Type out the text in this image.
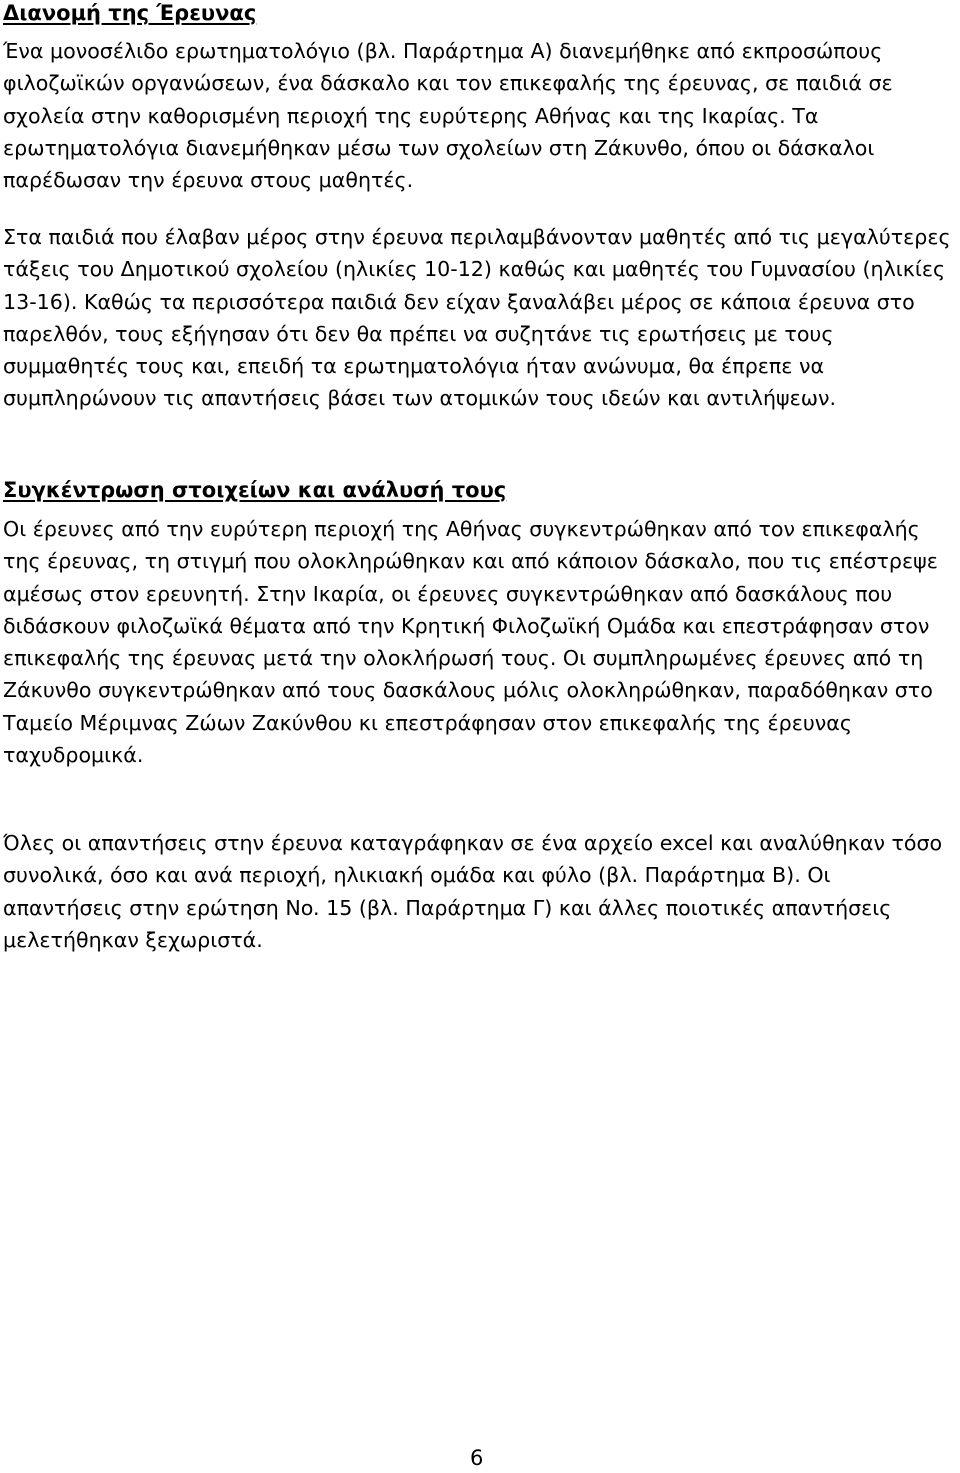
Διανομή της Έρευνας

Ένα μονοσέλιδο ερωτηματολόγιο (βλ. Παράρτημα Α) διανεμήθηκε από εκπροσώπους φιλοζωϊκών οργανώσεων, ένα δάσκαλο και τον επικεφαλής της έρευνας, σε παιδιά σε σχολεία στην καθορισμένη περιοχή της ευρύτερης Αθήνας και της Ικαρίας. Τα ερωτηματολόγια διανεμήθηκαν μέσω των σχολείων στη Ζάκυνθο, όπου οι δάσκαλοι παρέδωσαν την έρευνα στους μαθητές.

Στα παιδιά που έλαβαν μέρος στην έρευνα περιλαμβάνονταν μαθητές από τις μεγαλύτερες τάξεις του Δημοτικού σχολείου (ηλικίες 10-12) καθώς και μαθητές του Γυμνασίου (ηλικίες 13-16). Καθώς τα περισσότερα παιδιά δεν είχαν ξαναλάβει μέρος σε κάποια έρευνα στο παρελθόν, τους εξήγησαν ότι δεν θα πρέπει να συζητάνε τις ερωτήσεις με τους συμμαθητές τους και, επειδή τα ερωτηματολόγια ήταν ανώνυμα, θα έπρεπε να συμπληρώνουν τις απαντήσεις βάσει των ατομικών τους ιδεών και αντιλήψεων.

Συγκέντρωση στοιχείων και ανάλυσή τους

Οι έρευνες από την ευρύτερη περιοχή της Αθήνας συγκεντρώθηκαν από τον επικεφαλής της έρευνας, τη στιγμή που ολοκληρώθηκαν και από κάποιον δάσκαλο, που τις επέστρεψε αμέσως στον ερευνητή. Στην Ικαρία, οι έρευνες συγκεντρώθηκαν από δασκάλους που διδάσκουν φιλοζωϊκά θέματα από την Κρητική Φιλοζωϊκή Ομάδα και επεστράφησαν στον επικεφαλής της έρευνας μετά την ολοκλήρωσή τους. Οι συμπληρωμένες έρευνες από τη Ζάκυνθο συγκεντρώθηκαν από τους δασκάλους μόλις ολοκληρώθηκαν, παραδόθηκαν στο Ταμείο Μέριμνας Ζώων Ζακύνθου κι επεστράφησαν στον επικεφαλής της έρευνας ταχυδρομικά.

Όλες οι απαντήσεις στην έρευνα καταγράφηκαν σε ένα αρχείο excel και αναλύθηκαν τόσο συνολικά, όσο και ανά περιοχή, ηλικιακή ομάδα και φύλο (βλ. Παράρτημα Β). Οι απαντήσεις στην ερώτηση No. 15 (βλ. Παράρτημα Γ) και άλλες ποιοτικές απαντήσεις μελετήθηκαν ξεχωριστά.

6
